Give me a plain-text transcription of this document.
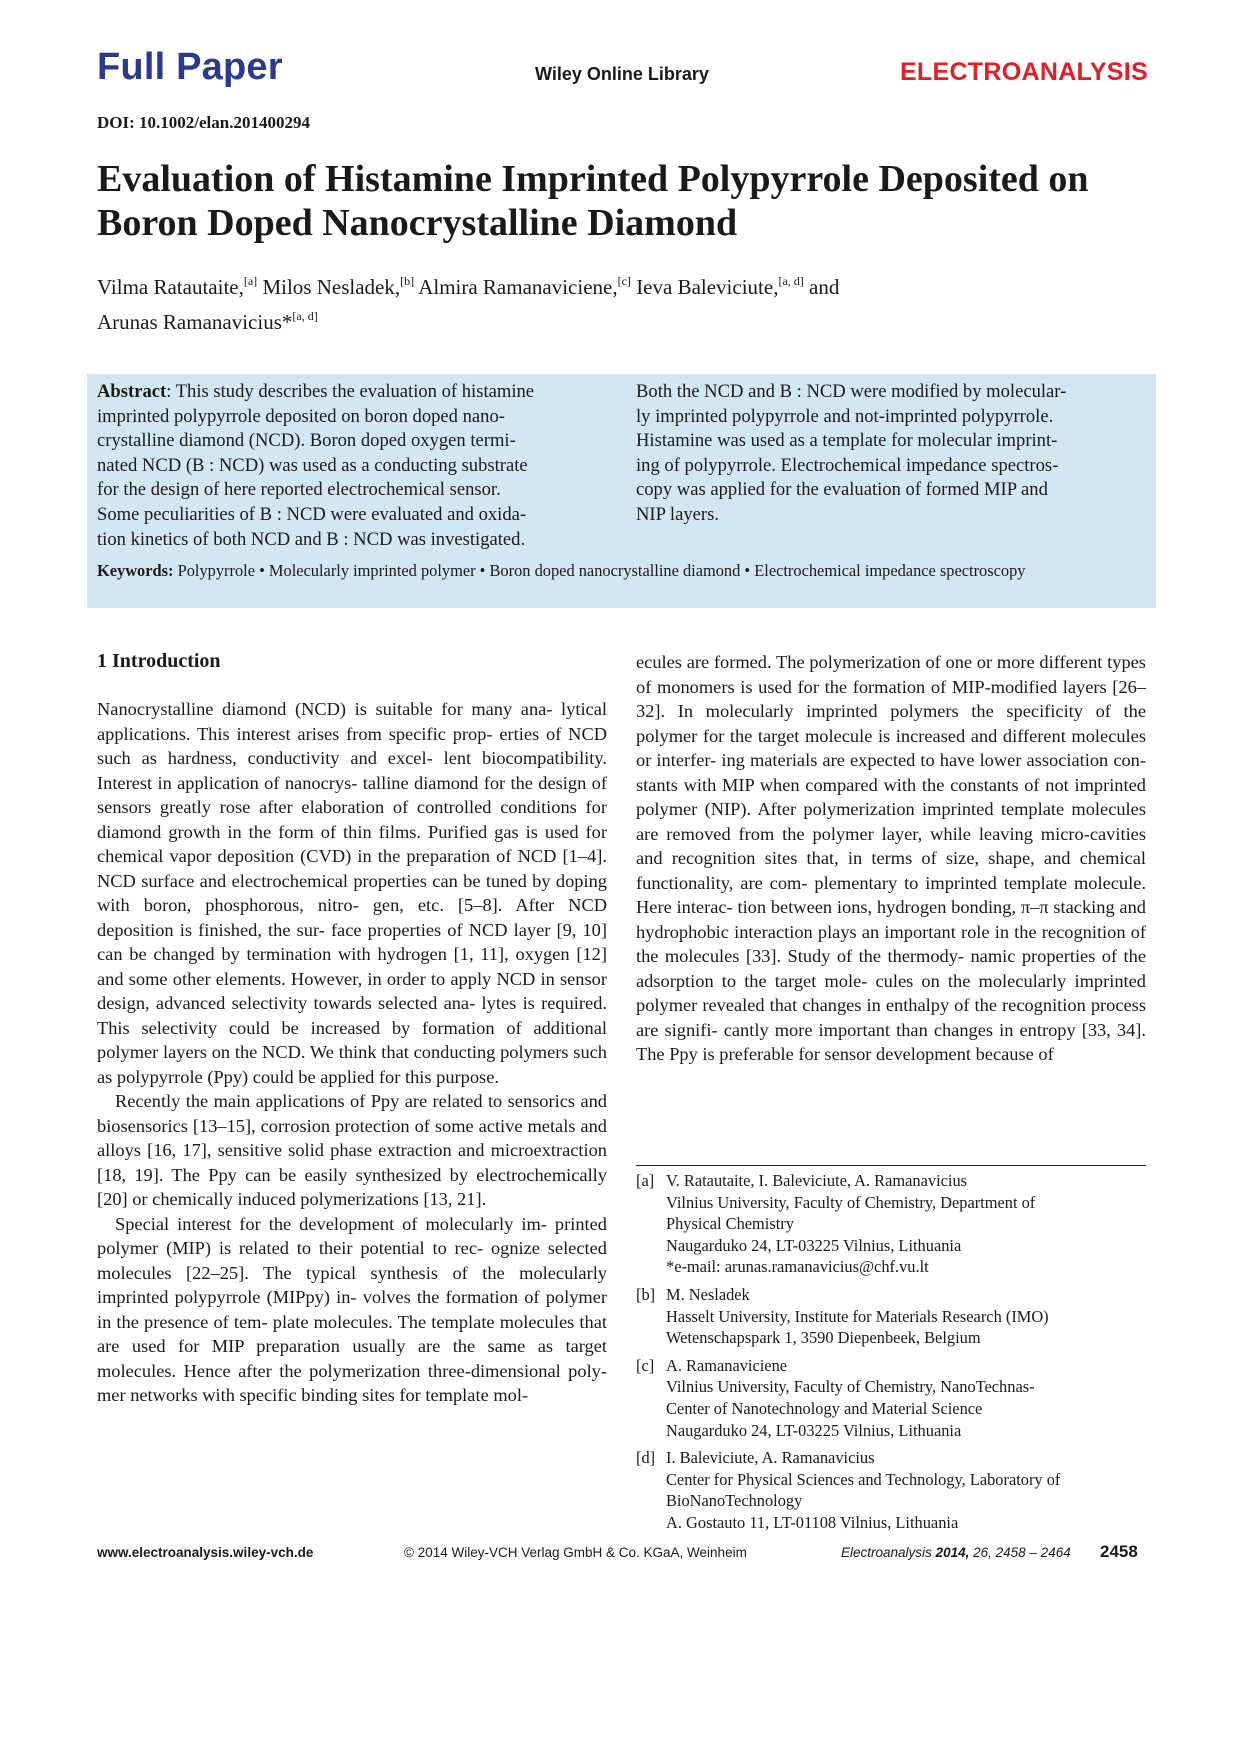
Full Paper	Wiley Online Library	ELECTROANALYSIS
DOI: 10.1002/elan.201400294
Evaluation of Histamine Imprinted Polypyrrole Deposited on Boron Doped Nanocrystalline Diamond
Vilma Ratautaite,[a] Milos Nesladek,[b] Almira Ramanaviciene,[c] Ieva Baleviciute,[a, d] and
Arunas Ramanavicius*[a, d]
Abstract: This study describes the evaluation of histamine
imprinted polypyrrole deposited on boron doped nano-
crystalline diamond (NCD). Boron doped oxygen termi-
nated NCD (B : NCD) was used as a conducting substrate
for the design of here reported electrochemical sensor.
Some peculiarities of B : NCD were evaluated and oxida-
tion kinetics of both NCD and B : NCD was investigated.
Both the NCD and B : NCD were modified by molecular-
ly imprinted polypyrrole and not-imprinted polypyrrole.
Histamine was used as a template for molecular imprint-
ing of polypyrrole. Electrochemical impedance spectros-
copy was applied for the evaluation of formed MIP and
NIP layers.
Keywords: Polypyrrole • Molecularly imprinted polymer • Boron doped nanocrystalline diamond • Electrochemical impedance spectroscopy
1 Introduction

Nanocrystalline diamond (NCD) is suitable for many ana- lytical applications. This interest arises from specific prop- erties of NCD such as hardness, conductivity and excel- lent biocompatibility. Interest in application of nanocrys- talline diamond for the design of sensors greatly rose after elaboration of controlled conditions for diamond growth in the form of thin films. Purified gas is used for chemical vapor deposition (CVD) in the preparation of NCD [1–4]. NCD surface and electrochemical properties can be tuned by doping with boron, phosphorous, nitro- gen, etc. [5–8]. After NCD deposition is finished, the sur- face properties of NCD layer [9, 10] can be changed by termination with hydrogen [1, 11], oxygen [12] and some other elements. However, in order to apply NCD in sensor design, advanced selectivity towards selected ana- lytes is required. This selectivity could be increased by formation of additional polymer layers on the NCD. We think that conducting polymers such as polypyrrole (Ppy) could be applied for this purpose.

Recently the main applications of Ppy are related to sensorics and biosensorics [13–15], corrosion protection of some active metals and alloys [16, 17], sensitive solid phase extraction and microextraction [18, 19]. The Ppy can be easily synthesized by electrochemically [20] or chemically induced polymerizations [13, 21].

Special interest for the development of molecularly im- printed polymer (MIP) is related to their potential to rec- ognize selected molecules [22–25]. The typical synthesis of the molecularly imprinted polypyrrole (MIPpy) in- volves the formation of polymer in the presence of tem- plate molecules. The template molecules that are used for MIP preparation usually are the same as target molecules. Hence after the polymerization three-dimensional poly- mer networks with specific binding sites for template mol-

ecules are formed. The polymerization of one or more different types of monomers is used for the formation of MIP-modified layers [26–32]. In molecularly imprinted polymers the specificity of the polymer for the target molecule is increased and different molecules or interfer- ing materials are expected to have lower association con- stants with MIP when compared with the constants of not imprinted polymer (NIP). After polymerization imprinted template molecules are removed from the polymer layer, while leaving micro-cavities and recognition sites that, in terms of size, shape, and chemical functionality, are com- plementary to imprinted template molecule. Here interac- tion between ions, hydrogen bonding, π–π stacking and hydrophobic interaction plays an important role in the recognition of the molecules [33]. Study of the thermody- namic properties of the adsorption to the target mole- cules on the molecularly imprinted polymer revealed that changes in enthalpy of the recognition process are signifi- cantly more important than changes in entropy [33, 34]. The Ppy is preferable for sensor development because of

[a] V. Ratautaite, I. Baleviciute, A. Ramanavicius
Vilnius University, Faculty of Chemistry, Department of
Physical Chemistry
Naugarduko 24, LT-03225 Vilnius, Lithuania
*e-mail: arunas.ramanavicius@chf.vu.lt
[b] M. Nesladek
Hasselt University, Institute for Materials Research (IMO)
Wetenschapspark 1, 3590 Diepenbeek, Belgium
[c] A. Ramanaviciene
Vilnius University, Faculty of Chemistry, NanoTechnas-
Center of Nanotechnology and Material Science
Naugarduko 24, LT-03225 Vilnius, Lithuania
[d] I. Baleviciute, A. Ramanavicius
Center for Physical Sciences and Technology, Laboratory of
BioNanoTechnology
A. Gostauto 11, LT-01108 Vilnius, Lithuania
www.electroanalysis.wiley-vch.de	© 2014 Wiley-VCH Verlag GmbH & Co. KGaA, Weinheim	Electroanalysis 2014, 26, 2458 – 2464 2458
